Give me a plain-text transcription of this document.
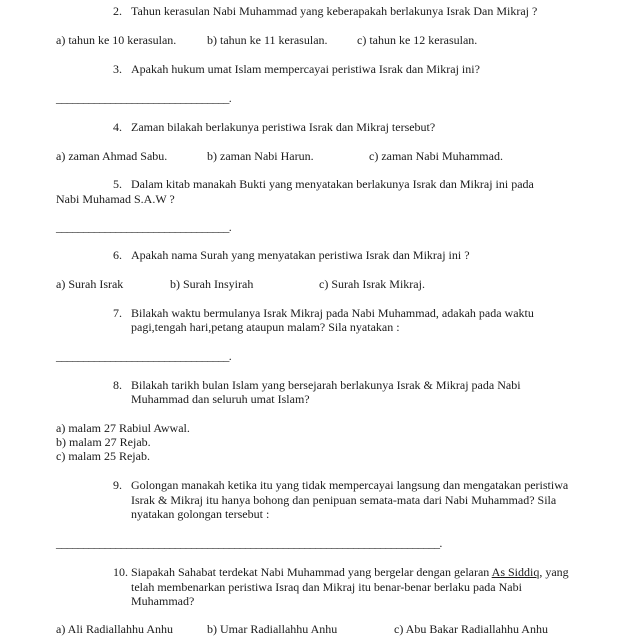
2. Tahun kerasulan Nabi Muhammad yang keberapakah berlakunya Israk Dan Mikraj ?
a) tahun ke 10 kerasulan.	b) tahun ke 11 kerasulan. c) tahun ke 12 kerasulan.
3. Apakah hukum umat Islam mempercayai peristiwa Israk dan Mikraj ini?
________________________________.
4. Zaman bilakah berlakunya peristiwa Israk dan Mikraj tersebut?
a) zaman Ahmad Sabu.	b) zaman Nabi Harun.	c) zaman Nabi Muhammad.
5. Dalam kitab manakah Bukti yang menyatakan berlakunya Israk dan Mikraj ini pada
Nabi Muhamad S.A.W ?
________________________________.
6. Apakah nama Surah yang menyatakan peristiwa Israk dan Mikraj ini ?
a) Surah Israk	b) Surah Insyirah	c) Surah Israk Mikraj.
7. Bilakah waktu bermulanya Israk Mikraj pada Nabi Muhammad, adakah pada waktu
pagi,tengah hari,petang ataupun malam? Sila nyatakan :
________________________________.
8. Bilakah tarikh bulan Islam yang bersejarah berlakunya Israk & Mikraj pada Nabi
Muhammad dan seluruh umat Islam?
a) malam 27 Rabiul Awwal.
b) malam 27 Rejab.
c) malam 25 Rejab.
9. Golongan manakah ketika itu yang tidak mempercayai langsung dan mengatakan peristiwa
Israk & Mikraj itu hanya bohong dan penipuan semata-mata dari Nabi Muhammad? Sila
nyatakan golongan tersebut :
_______________________________________________________________________.
10. Siapakah Sahabat terdekat Nabi Muhammad yang bergelar dengan gelaran As Siddiq, yang
telah membenarkan peristiwa Israq dan Mikraj itu benar-benar berlaku pada Nabi
Muhammad?
a) Ali Radiallahhu Anhu	b) Umar Radiallahhu Anhu	c) Abu Bakar Radiallahhu Anhu
